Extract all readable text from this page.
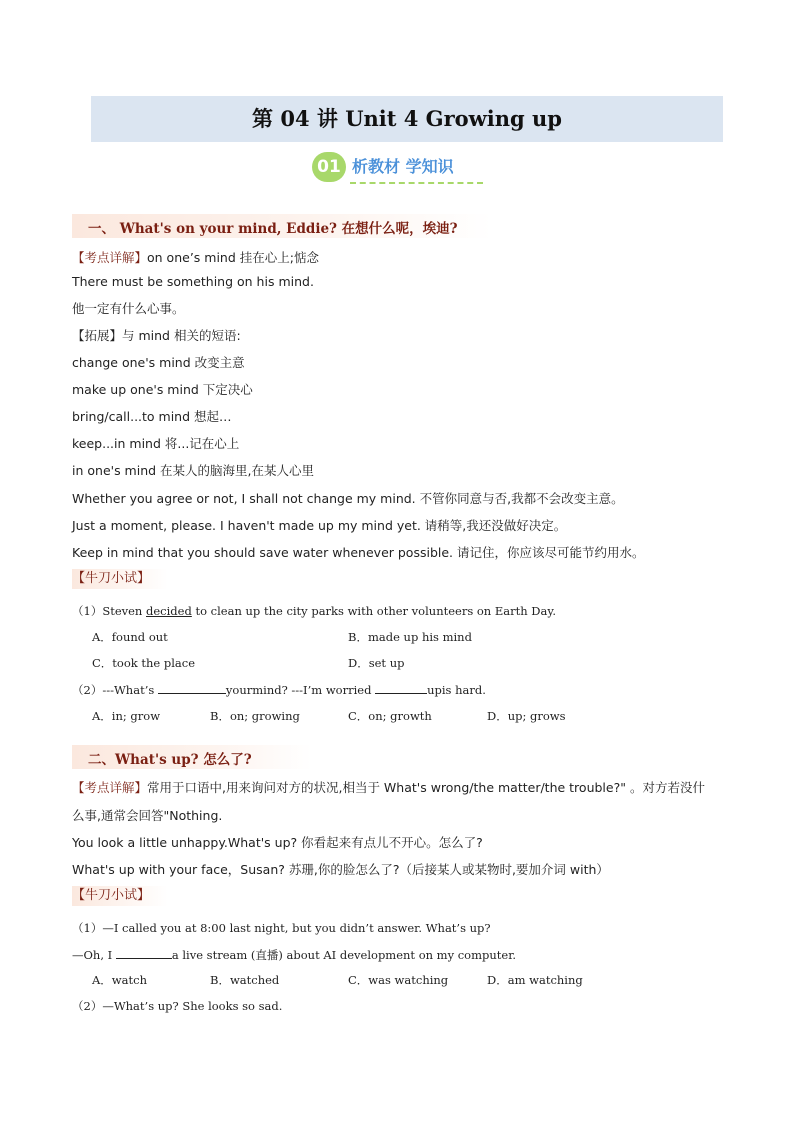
第 04 讲 Unit 4 Growing up
01 析教材 学知识
一、 What's on your mind, Eddie? 在想什么呢，埃迪?
【考点详解】on one’s mind 挂在心上;惦念
There must be something on his mind.
他一定有什么心事。
【拓展】与 mind 相关的短语:
change one's mind 改变主意
make up one's mind 下定决心
bring/call...to mind 想起…
keep...in mind 将...记在心上
in one's mind 在某人的脑海里,在某人心里
Whether you agree or not, I shall not change my mind. 不管你同意与否,我都不会改变主意。
Just a moment, please. I haven't made up my mind yet. 请稍等,我还没做好决定。
Keep in mind that you should save water whenever possible. 请记住，你应该尽可能节约用水。
【牛刀小试】
（1）Steven decided to clean up the city parks with other volunteers on Earth Day.
A．found out	B．made up his mind
C．took the place	D．set up
（2）---What’s	yourmind? ---I’m worried	upis hard.
A．in; grow	B．on; growing	C．on; growth	D．up; grows
二、What's up? 怎么了?
【考点详解】常用于口语中,用来询问对方的状况,相当于 What's wrong/the matter/the trouble?" 。对方若没什
么事,通常会回答"Nothing.
You look a little unhappy.What's up? 你看起来有点儿不开心。怎么了?
What's up with your face，Susan? 苏珊,你的脸怎么了?（后接某人或某物时,要加介词 with）
【牛刀小试】
（1）—I called you at 8:00 last night, but you didn’t answer. What’s up?
—Oh, I	a live stream (直播) about AI development on my computer.
A．watch	B．watched	C．was watching	D．am watching
（2）—What’s up? She looks so sad.
